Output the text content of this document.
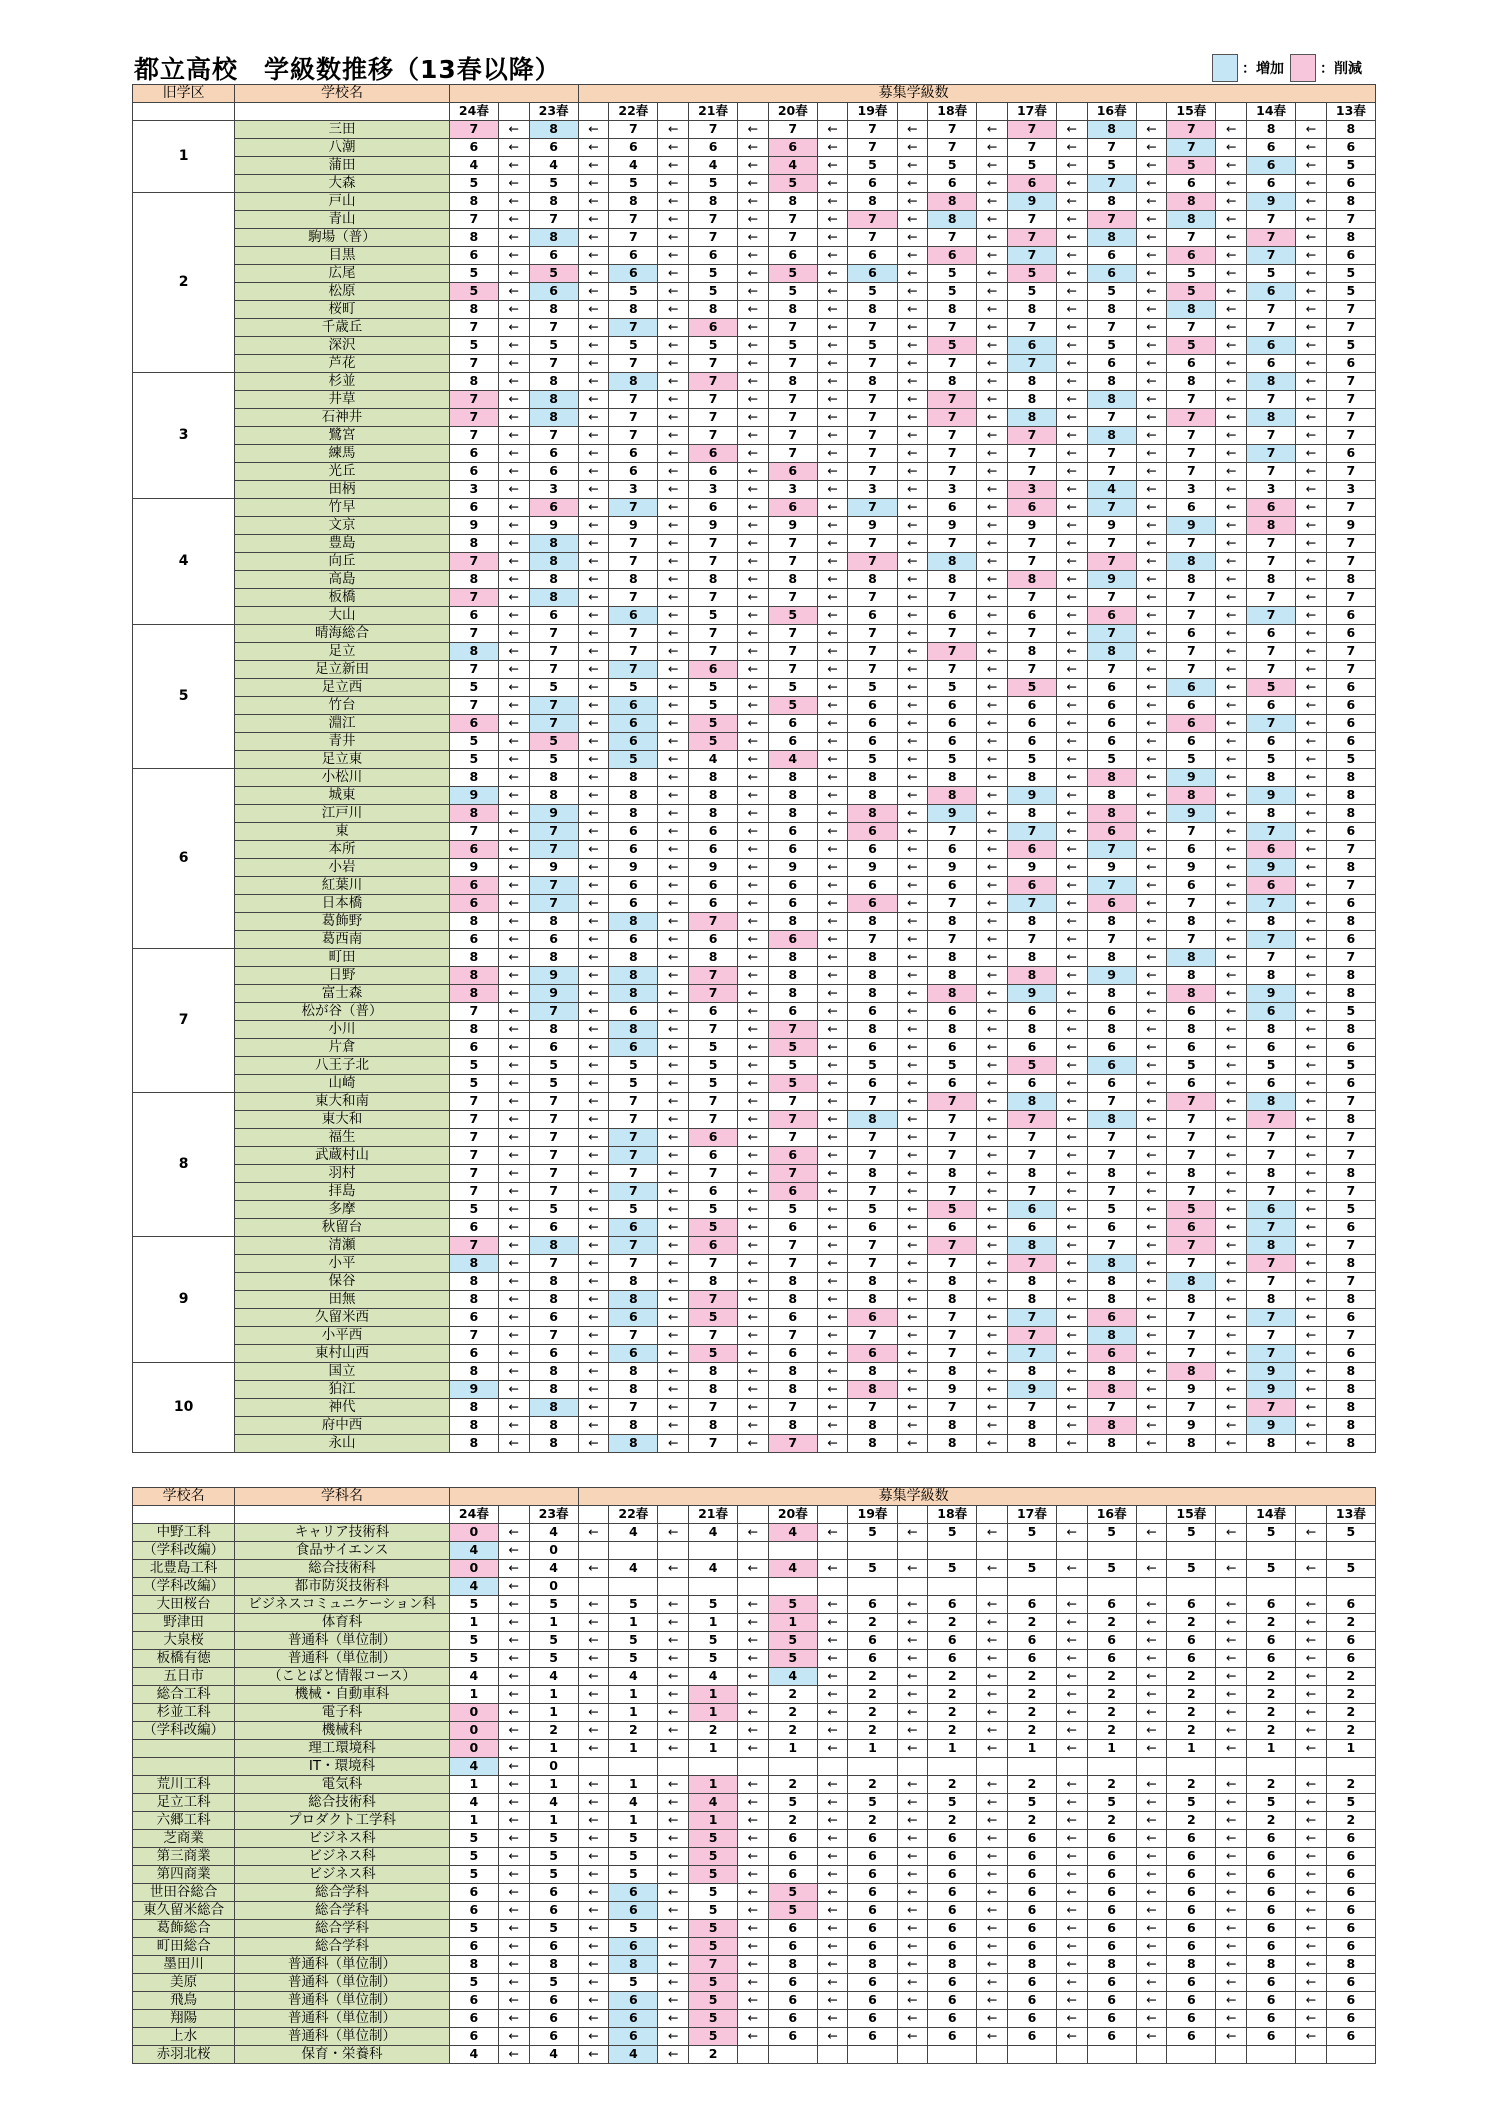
都立高校　学級数推移（13春以降）	：増加	：削減
旧学区	学校名				募集学級数																			
		24春		23春		22春		21春		20春		19春		18春		17春		16春		15春		14春		13春
1	三田	7	←	8	←	7	←	7	←	7	←	7	←	7	←	7	←	8	←	7	←	8	←	8
	八潮	6	←	6	←	6	←	6	←	6	←	7	←	7	←	7	←	7	←	7	←	6	←	6
	蒲田	4	←	4	←	4	←	4	←	4	←	5	←	5	←	5	←	5	←	5	←	6	←	5
	大森	5	←	5	←	5	←	5	←	5	←	6	←	6	←	6	←	7	←	6	←	6	←	6
2	戸山	8	←	8	←	8	←	8	←	8	←	8	←	8	←	9	←	8	←	8	←	9	←	8
	青山	7	←	7	←	7	←	7	←	7	←	7	←	8	←	7	←	7	←	8	←	7	←	7
	駒場（普）	8	←	8	←	7	←	7	←	7	←	7	←	7	←	7	←	8	←	7	←	7	←	8
	目黒	6	←	6	←	6	←	6	←	6	←	6	←	6	←	7	←	6	←	6	←	7	←	6
	広尾	5	←	5	←	6	←	5	←	5	←	6	←	5	←	5	←	6	←	5	←	5	←	5
	松原	5	←	6	←	5	←	5	←	5	←	5	←	5	←	5	←	5	←	5	←	6	←	5
	桜町	8	←	8	←	8	←	8	←	8	←	8	←	8	←	8	←	8	←	8	←	7	←	7
	千歳丘	7	←	7	←	7	←	6	←	7	←	7	←	7	←	7	←	7	←	7	←	7	←	7
	深沢	5	←	5	←	5	←	5	←	5	←	5	←	5	←	6	←	5	←	5	←	6	←	5
	芦花	7	←	7	←	7	←	7	←	7	←	7	←	7	←	7	←	6	←	6	←	6	←	6
3	杉並	8	←	8	←	8	←	7	←	8	←	8	←	8	←	8	←	8	←	8	←	8	←	7
	井草	7	←	8	←	7	←	7	←	7	←	7	←	7	←	8	←	8	←	7	←	7	←	7
	石神井	7	←	8	←	7	←	7	←	7	←	7	←	7	←	8	←	7	←	7	←	8	←	7
	鷺宮	7	←	7	←	7	←	7	←	7	←	7	←	7	←	7	←	8	←	7	←	7	←	7
	練馬	6	←	6	←	6	←	6	←	7	←	7	←	7	←	7	←	7	←	7	←	7	←	6
	光丘	6	←	6	←	6	←	6	←	6	←	7	←	7	←	7	←	7	←	7	←	7	←	7
	田柄	3	←	3	←	3	←	3	←	3	←	3	←	3	←	3	←	4	←	3	←	3	←	3
4	竹早	6	←	6	←	7	←	6	←	6	←	7	←	6	←	6	←	7	←	6	←	6	←	7
	文京	9	←	9	←	9	←	9	←	9	←	9	←	9	←	9	←	9	←	9	←	8	←	9
	豊島	8	←	8	←	7	←	7	←	7	←	7	←	7	←	7	←	7	←	7	←	7	←	7
	向丘	7	←	8	←	7	←	7	←	7	←	7	←	8	←	7	←	7	←	8	←	7	←	7
	高島	8	←	8	←	8	←	8	←	8	←	8	←	8	←	8	←	9	←	8	←	8	←	8
	板橋	7	←	8	←	7	←	7	←	7	←	7	←	7	←	7	←	7	←	7	←	7	←	7
	大山	6	←	6	←	6	←	5	←	5	←	6	←	6	←	6	←	6	←	7	←	7	←	6
5	晴海総合	7	←	7	←	7	←	7	←	7	←	7	←	7	←	7	←	7	←	6	←	6	←	6
	足立	8	←	7	←	7	←	7	←	7	←	7	←	7	←	8	←	8	←	7	←	7	←	7
	足立新田	7	←	7	←	7	←	6	←	7	←	7	←	7	←	7	←	7	←	7	←	7	←	7
	足立西	5	←	5	←	5	←	5	←	5	←	5	←	5	←	5	←	6	←	6	←	5	←	6
	竹台	7	←	7	←	6	←	5	←	5	←	6	←	6	←	6	←	6	←	6	←	6	←	6
	淵江	6	←	7	←	6	←	5	←	6	←	6	←	6	←	6	←	6	←	6	←	7	←	6
	青井	5	←	5	←	6	←	5	←	6	←	6	←	6	←	6	←	6	←	6	←	6	←	6
	足立東	5	←	5	←	5	←	4	←	4	←	5	←	5	←	5	←	5	←	5	←	5	←	5
6	小松川	8	←	8	←	8	←	8	←	8	←	8	←	8	←	8	←	8	←	9	←	8	←	8
	城東	9	←	8	←	8	←	8	←	8	←	8	←	8	←	9	←	8	←	8	←	9	←	8
	江戸川	8	←	9	←	8	←	8	←	8	←	8	←	9	←	8	←	8	←	9	←	8	←	8
	東	7	←	7	←	6	←	6	←	6	←	6	←	7	←	7	←	6	←	7	←	7	←	6
	本所	6	←	7	←	6	←	6	←	6	←	6	←	6	←	6	←	7	←	6	←	6	←	7
	小岩	9	←	9	←	9	←	9	←	9	←	9	←	9	←	9	←	9	←	9	←	9	←	8
	紅葉川	6	←	7	←	6	←	6	←	6	←	6	←	6	←	6	←	7	←	6	←	6	←	7
	日本橋	6	←	7	←	6	←	6	←	6	←	6	←	7	←	7	←	6	←	7	←	7	←	6
	葛飾野	8	←	8	←	8	←	7	←	8	←	8	←	8	←	8	←	8	←	8	←	8	←	8
	葛西南	6	←	6	←	6	←	6	←	6	←	7	←	7	←	7	←	7	←	7	←	7	←	6
7	町田	8	←	8	←	8	←	8	←	8	←	8	←	8	←	8	←	8	←	8	←	7	←	7
	日野	8	←	9	←	8	←	7	←	8	←	8	←	8	←	8	←	9	←	8	←	8	←	8
	富士森	8	←	9	←	8	←	7	←	8	←	8	←	8	←	9	←	8	←	8	←	9	←	8
	松が谷（普）	7	←	7	←	6	←	6	←	6	←	6	←	6	←	6	←	6	←	6	←	6	←	5
	小川	8	←	8	←	8	←	7	←	7	←	8	←	8	←	8	←	8	←	8	←	8	←	8
	片倉	6	←	6	←	6	←	5	←	5	←	6	←	6	←	6	←	6	←	6	←	6	←	6
	八王子北	5	←	5	←	5	←	5	←	5	←	5	←	5	←	5	←	6	←	5	←	5	←	5
	山崎	5	←	5	←	5	←	5	←	5	←	6	←	6	←	6	←	6	←	6	←	6	←	6
8	東大和南	7	←	7	←	7	←	7	←	7	←	7	←	7	←	8	←	7	←	7	←	8	←	7
	東大和	7	←	7	←	7	←	7	←	7	←	8	←	7	←	7	←	8	←	7	←	7	←	8
	福生	7	←	7	←	7	←	6	←	7	←	7	←	7	←	7	←	7	←	7	←	7	←	7
	武蔵村山	7	←	7	←	7	←	6	←	6	←	7	←	7	←	7	←	7	←	7	←	7	←	7
	羽村	7	←	7	←	7	←	7	←	7	←	8	←	8	←	8	←	8	←	8	←	8	←	8
	拝島	7	←	7	←	7	←	6	←	6	←	7	←	7	←	7	←	7	←	7	←	7	←	7
	多摩	5	←	5	←	5	←	5	←	5	←	5	←	5	←	6	←	5	←	5	←	6	←	5
	秋留台	6	←	6	←	6	←	5	←	6	←	6	←	6	←	6	←	6	←	6	←	7	←	6
9	清瀬	7	←	8	←	7	←	6	←	7	←	7	←	7	←	8	←	7	←	7	←	8	←	7
	小平	8	←	7	←	7	←	7	←	7	←	7	←	7	←	7	←	8	←	7	←	7	←	8
	保谷	8	←	8	←	8	←	8	←	8	←	8	←	8	←	8	←	8	←	8	←	7	←	7
	田無	8	←	8	←	8	←	7	←	8	←	8	←	8	←	8	←	8	←	8	←	8	←	8
	久留米西	6	←	6	←	6	←	5	←	6	←	6	←	7	←	7	←	6	←	7	←	7	←	6
	小平西	7	←	7	←	7	←	7	←	7	←	7	←	7	←	7	←	8	←	7	←	7	←	7
	東村山西	6	←	6	←	6	←	5	←	6	←	6	←	7	←	7	←	6	←	7	←	7	←	6
10	国立	8	←	8	←	8	←	8	←	8	←	8	←	8	←	8	←	8	←	8	←	9	←	8
	狛江	9	←	8	←	8	←	8	←	8	←	8	←	9	←	9	←	8	←	9	←	9	←	8
	神代	8	←	8	←	7	←	7	←	7	←	7	←	7	←	7	←	7	←	7	←	7	←	8
	府中西	8	←	8	←	8	←	8	←	8	←	8	←	8	←	8	←	8	←	9	←	9	←	8
	永山	8	←	8	←	8	←	7	←	7	←	8	←	8	←	8	←	8	←	8	←	8	←	8
学校名	学科名				募集学級数																			
		24春		23春		22春		21春		20春		19春		18春		17春		16春		15春		14春		13春
中野工科	キャリア技術科	0	←	4	←	4	←	4	←	4	←	5	←	5	←	5	←	5	←	5	←	5	←	5
（学科改編）	食品サイエンス	4	←	0																				
北豊島工科	総合技術科	0	←	4	←	4	←	4	←	4	←	5	←	5	←	5	←	5	←	5	←	5	←	5
（学科改編）	都市防災技術科	4	←	0																				
大田桜台	ビジネスコミュニケーション科	5	←	5	←	5	←	5	←	5	←	6	←	6	←	6	←	6	←	6	←	6	←	6
野津田	体育科	1	←	1	←	1	←	1	←	1	←	2	←	2	←	2	←	2	←	2	←	2	←	2
大泉桜	普通科（単位制）	5	←	5	←	5	←	5	←	5	←	6	←	6	←	6	←	6	←	6	←	6	←	6
板橋有徳	普通科（単位制）	5	←	5	←	5	←	5	←	5	←	6	←	6	←	6	←	6	←	6	←	6	←	6
五日市	（ことばと情報コース）	4	←	4	←	4	←	4	←	4	←	2	←	2	←	2	←	2	←	2	←	2	←	2
総合工科	機械・自動車科	1	←	1	←	1	←	1	←	2	←	2	←	2	←	2	←	2	←	2	←	2	←	2
杉並工科	電子科	0	←	1	←	1	←	1	←	2	←	2	←	2	←	2	←	2	←	2	←	2	←	2
（学科改編）	機械科	0	←	2	←	2	←	2	←	2	←	2	←	2	←	2	←	2	←	2	←	2	←	2
	理工環境科	0	←	1	←	1	←	1	←	1	←	1	←	1	←	1	←	1	←	1	←	1	←	1
	IT・環境科	4	←	0																				
荒川工科	電気科	1	←	1	←	1	←	1	←	2	←	2	←	2	←	2	←	2	←	2	←	2	←	2
足立工科	総合技術科	4	←	4	←	4	←	4	←	5	←	5	←	5	←	5	←	5	←	5	←	5	←	5
六郷工科	プロダクト工学科	1	←	1	←	1	←	1	←	2	←	2	←	2	←	2	←	2	←	2	←	2	←	2
芝商業	ビジネス科	5	←	5	←	5	←	5	←	6	←	6	←	6	←	6	←	6	←	6	←	6	←	6
第三商業	ビジネス科	5	←	5	←	5	←	5	←	6	←	6	←	6	←	6	←	6	←	6	←	6	←	6
第四商業	ビジネス科	5	←	5	←	5	←	5	←	6	←	6	←	6	←	6	←	6	←	6	←	6	←	6
世田谷総合	総合学科	6	←	6	←	6	←	5	←	5	←	6	←	6	←	6	←	6	←	6	←	6	←	6
東久留米総合	総合学科	6	←	6	←	6	←	5	←	5	←	6	←	6	←	6	←	6	←	6	←	6	←	6
葛飾総合	総合学科	5	←	5	←	5	←	5	←	6	←	6	←	6	←	6	←	6	←	6	←	6	←	6
町田総合	総合学科	6	←	6	←	6	←	5	←	6	←	6	←	6	←	6	←	6	←	6	←	6	←	6
墨田川	普通科（単位制）	8	←	8	←	8	←	7	←	8	←	8	←	8	←	8	←	8	←	8	←	8	←	8
美原	普通科（単位制）	5	←	5	←	5	←	5	←	6	←	6	←	6	←	6	←	6	←	6	←	6	←	6
飛鳥	普通科（単位制）	6	←	6	←	6	←	5	←	6	←	6	←	6	←	6	←	6	←	6	←	6	←	6
翔陽	普通科（単位制）	6	←	6	←	6	←	5	←	6	←	6	←	6	←	6	←	6	←	6	←	6	←	6
上水	普通科（単位制）	6	←	6	←	6	←	5	←	6	←	6	←	6	←	6	←	6	←	6	←	6	←	6
赤羽北桜	保育・栄養科	4	←	4	←	4	←	2																
